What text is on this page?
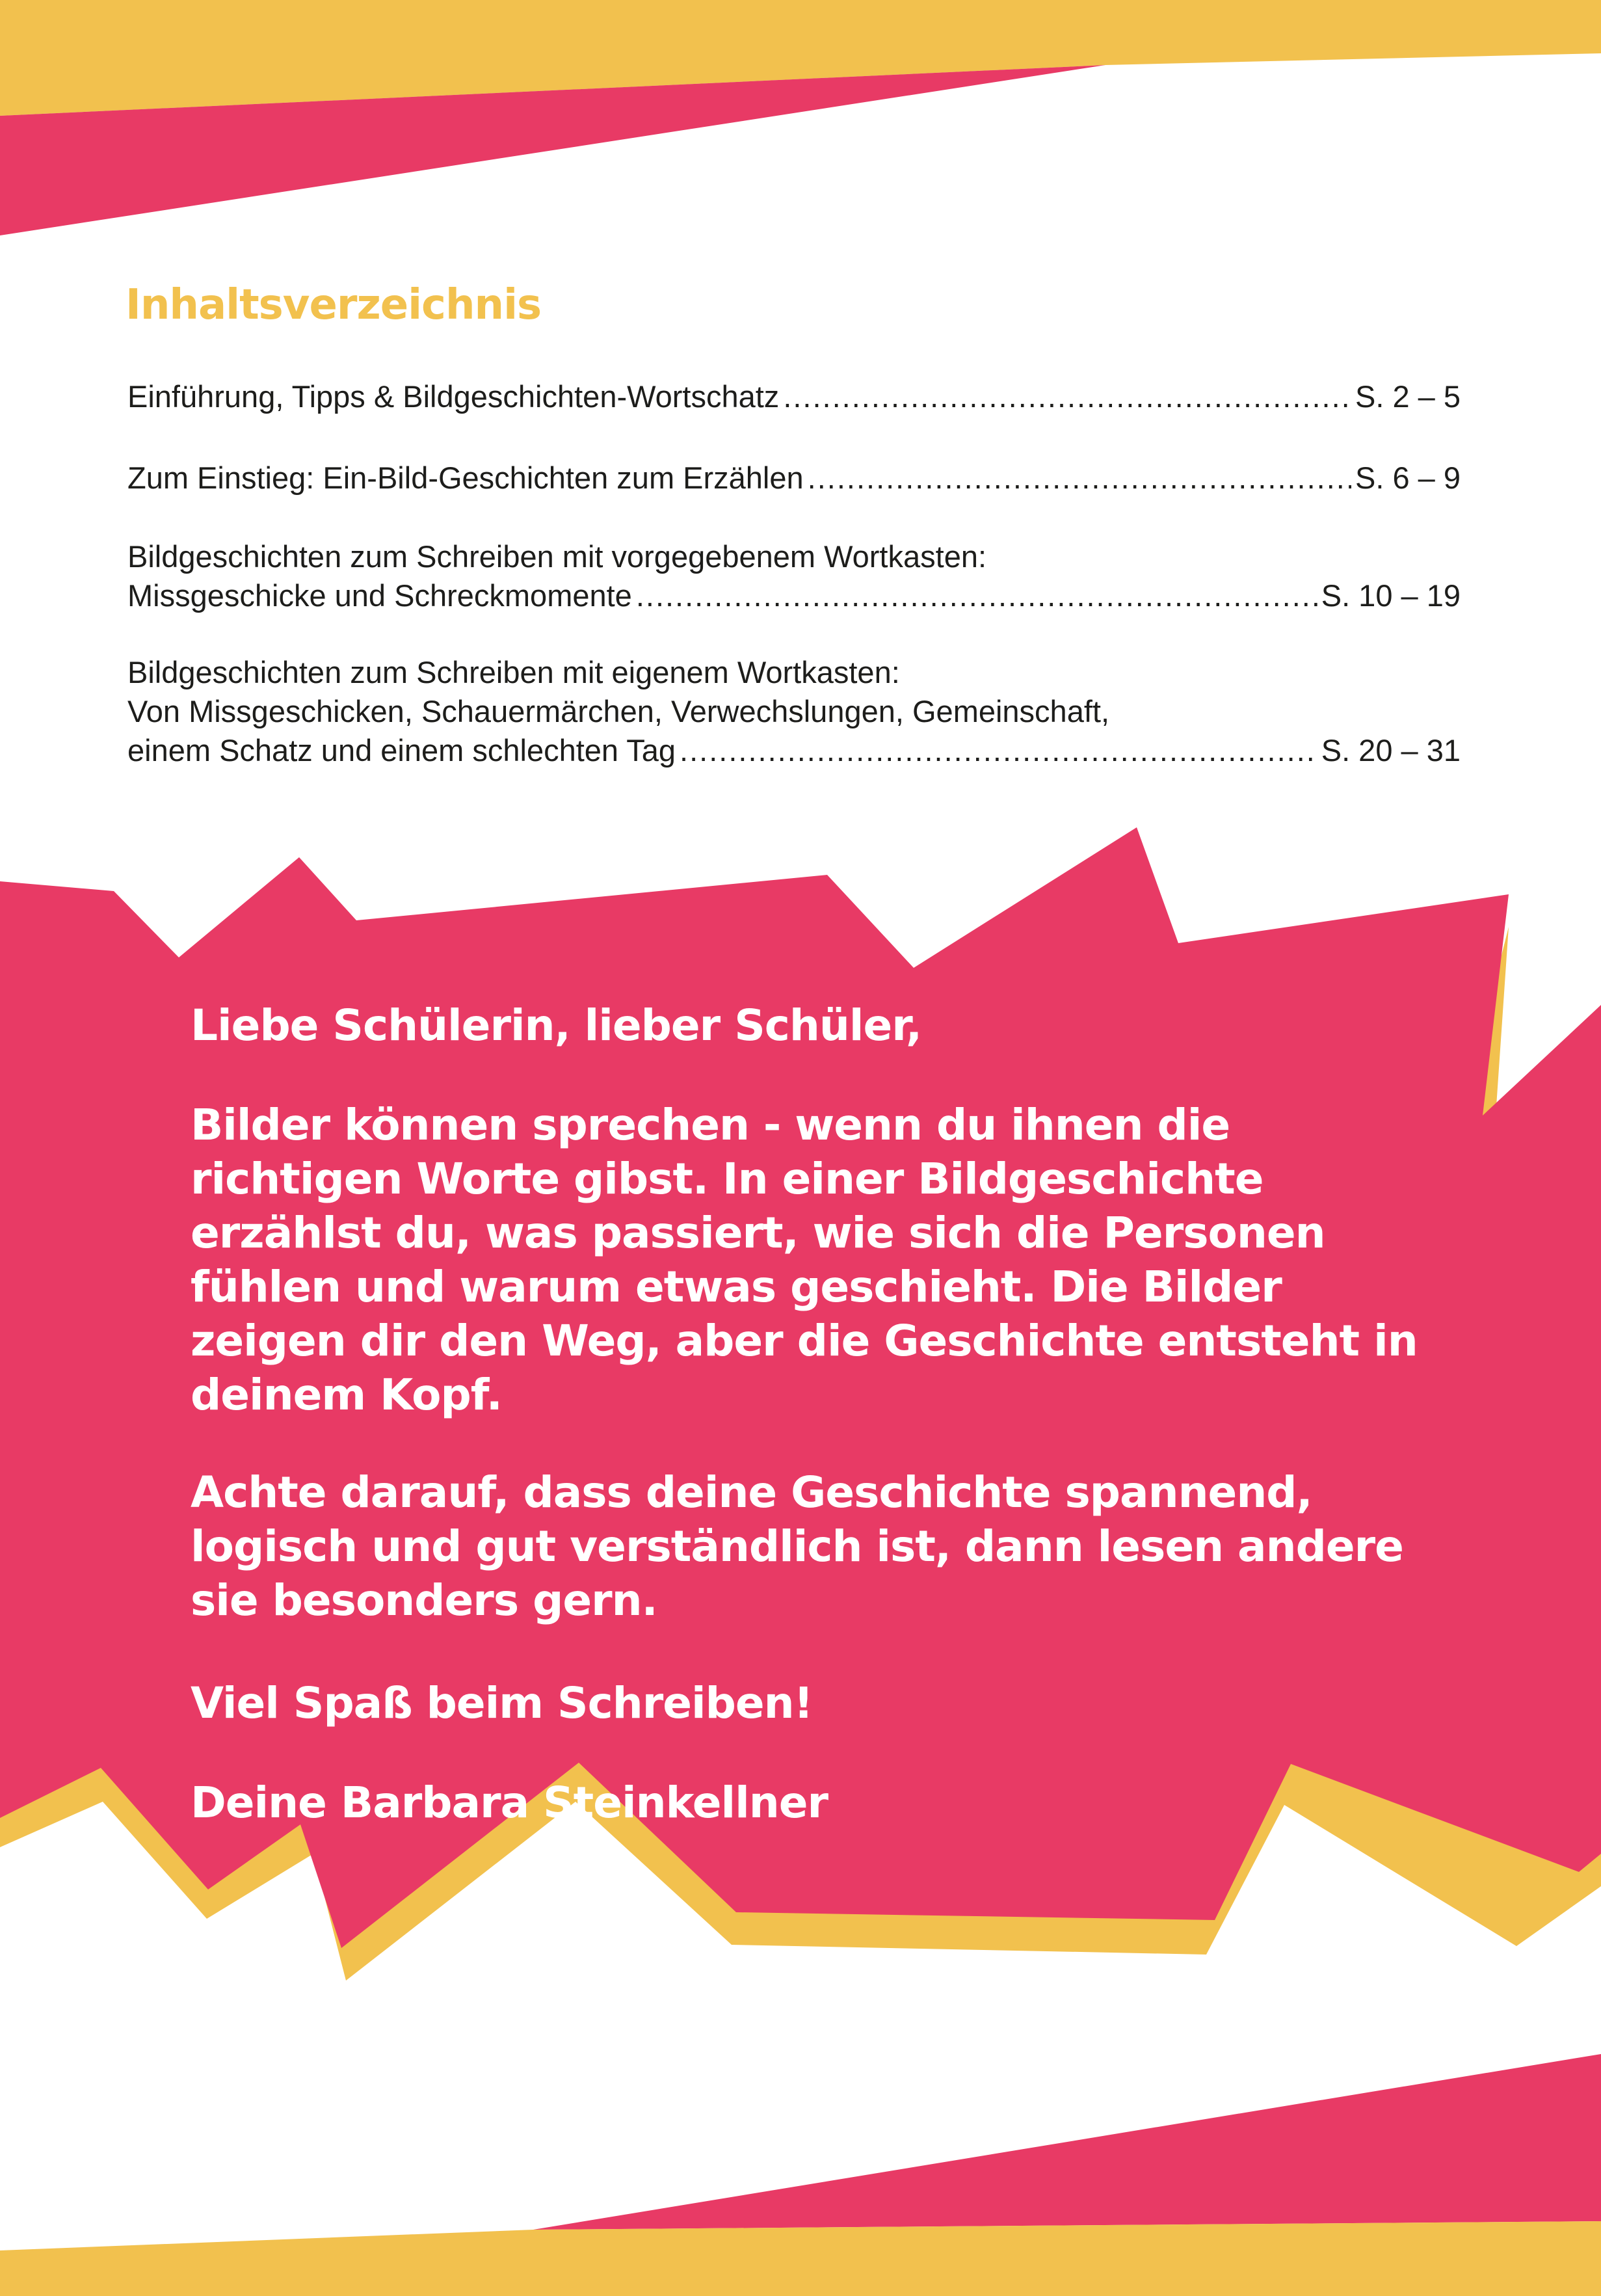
Inhaltsverzeichnis
Einführung, Tipps & Bildgeschichten-Wortschatz .....	S. 2 – 5
Zum Einstieg: Ein-Bild-Geschichten zum Erzählen .....	S. 6 – 9
Bildgeschichten zum Schreiben mit vorgegebenem Wortkasten:
Missgeschicke und Schreckmomente .....	S. 10 – 19
Bildgeschichten zum Schreiben mit eigenem Wortkasten:
Von Missgeschicken, Schauermärchen, Verwechslungen, Gemeinschaft,
einem Schatz und einem schlechten Tag .....	S. 20 – 31

Liebe Schülerin, lieber Schüler,

Bilder können sprechen - wenn du ihnen die richtigen Worte gibst. In einer Bildgeschichte erzählst du, was passiert, wie sich die Personen fühlen und warum etwas geschieht. Die Bilder zeigen dir den Weg, aber die Geschichte entsteht in deinem Kopf.

Achte darauf, dass deine Geschichte spannend, logisch und gut verständlich ist, dann lesen andere sie besonders gern.

Viel Spaß beim Schreiben!

Deine Barbara Steinkellner
